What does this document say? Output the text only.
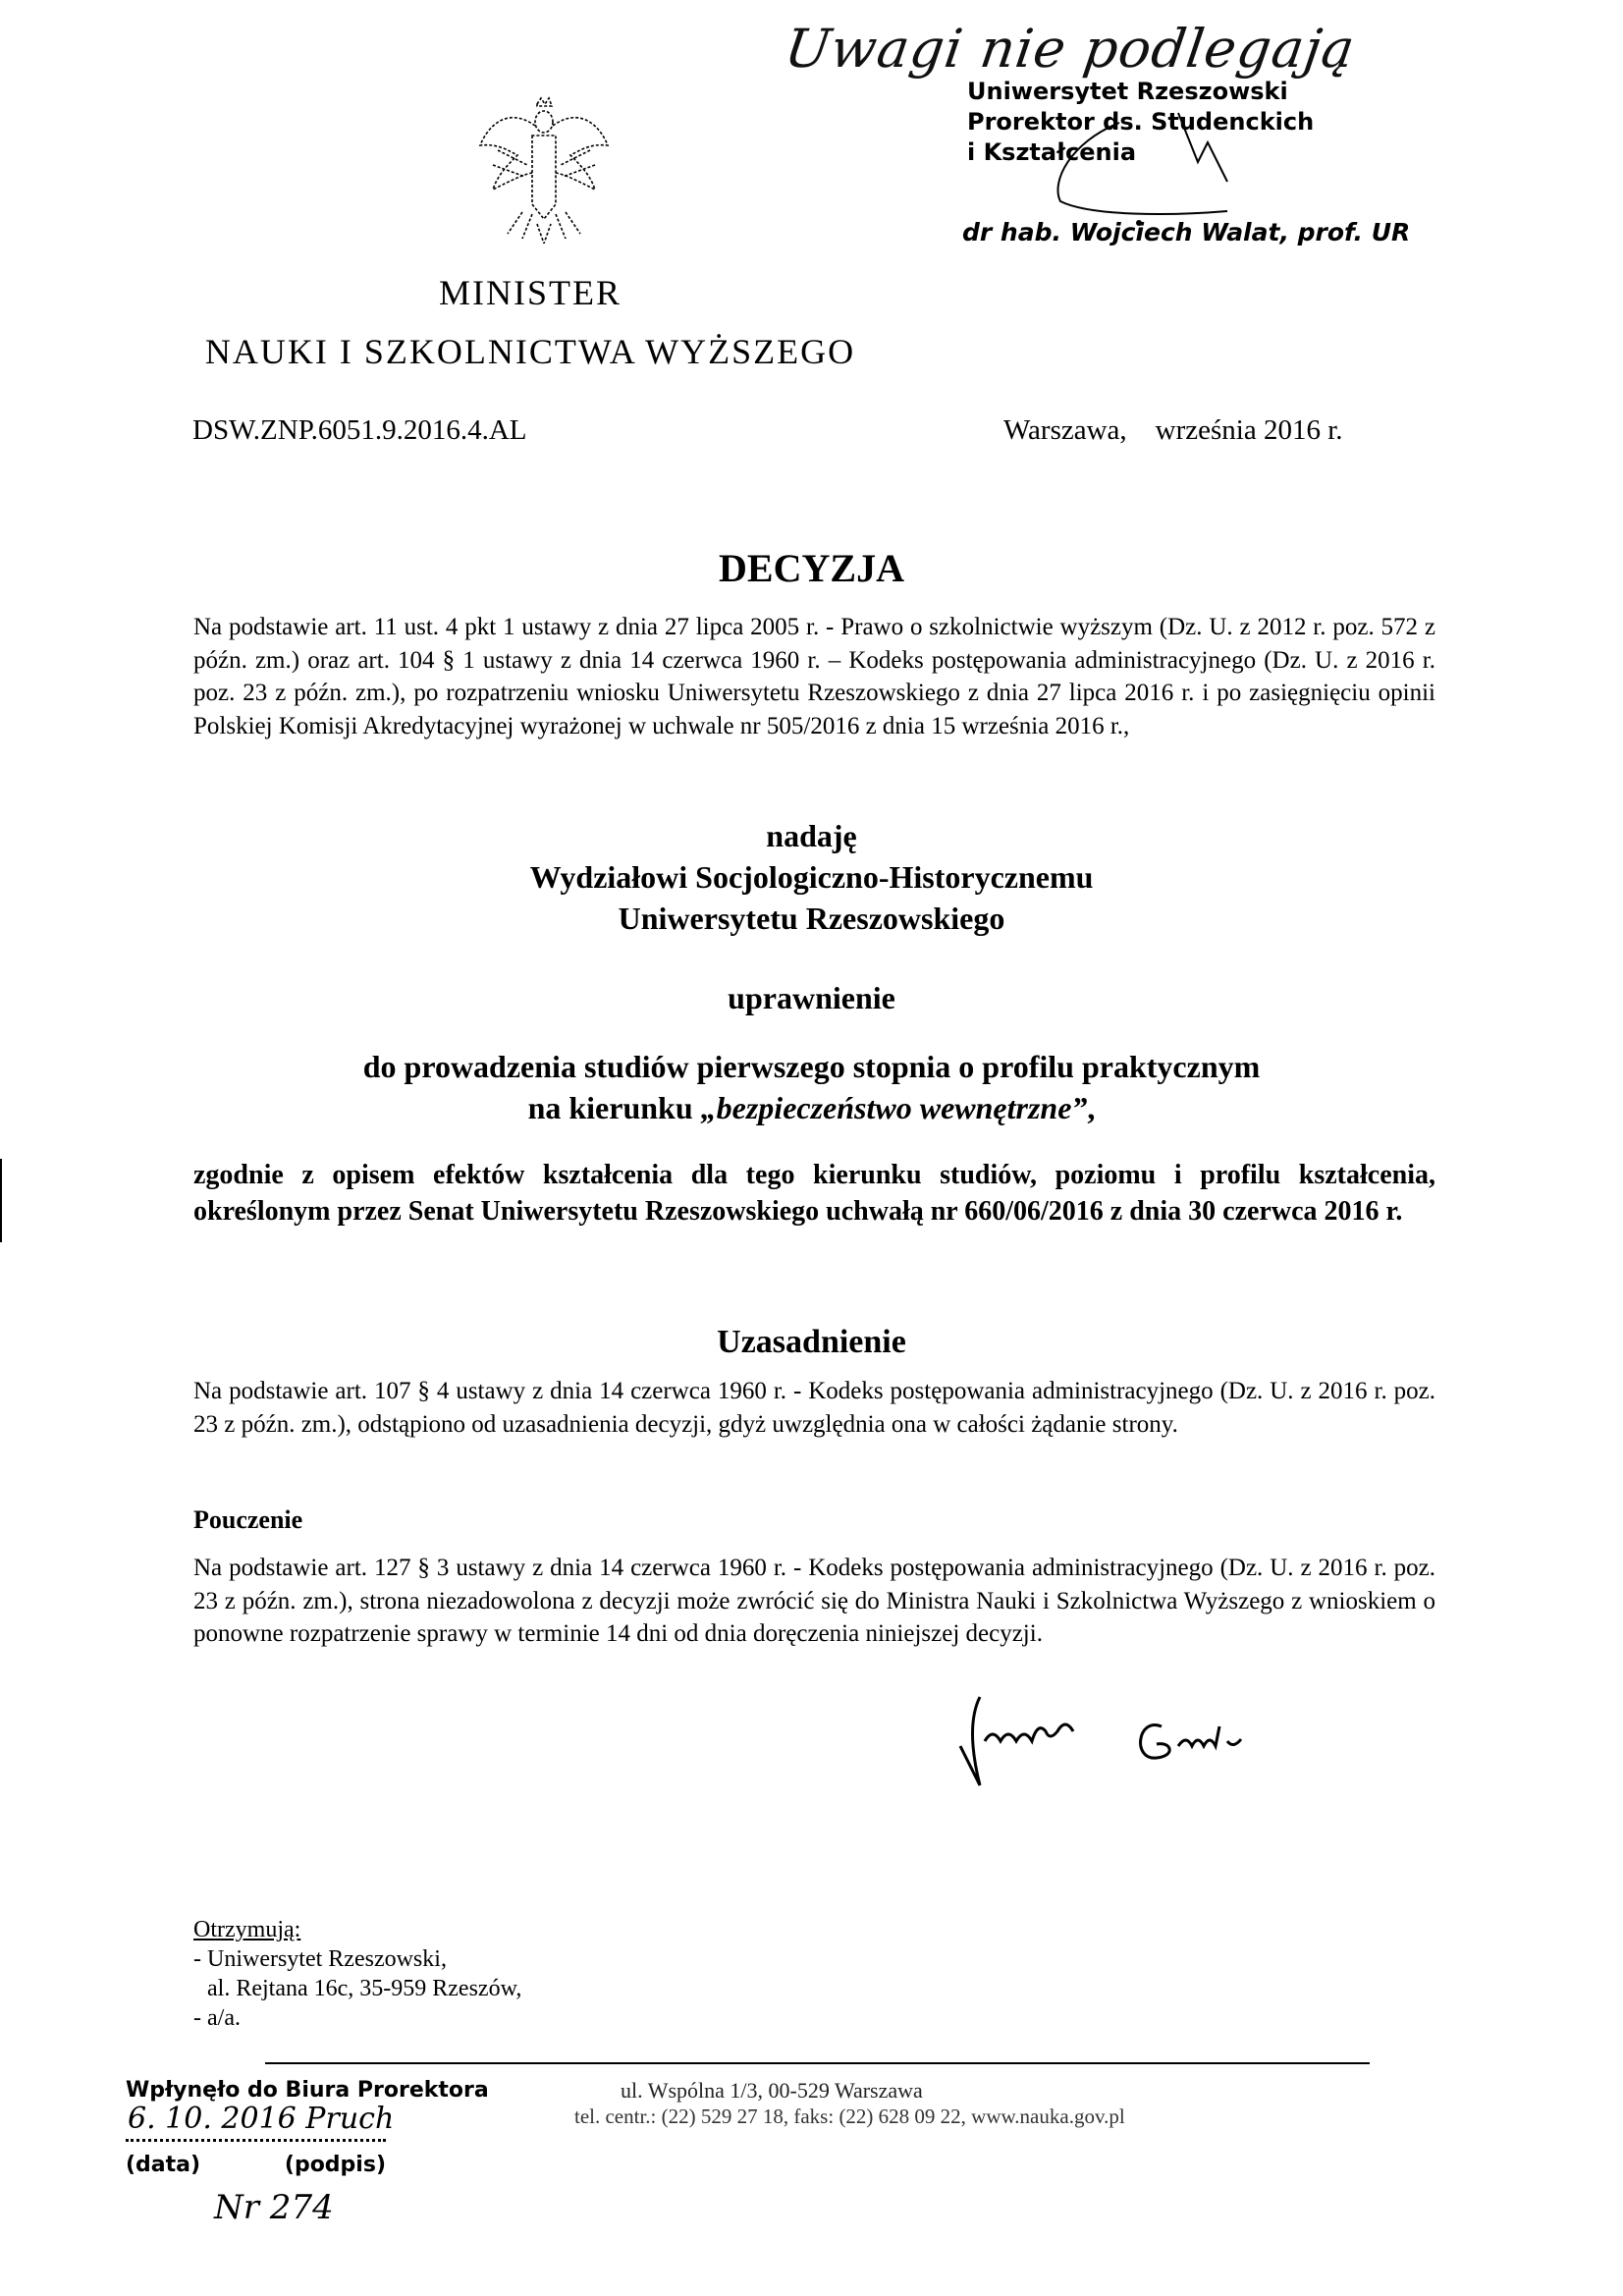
Uwagi nie podlegają
Uniwersytet Rzeszowski
Prorektor ds. Studenckich
i Kształcenia
dr hab. Wojciech Walat, prof. UR
MINISTER
NAUKI I SZKOLNICTWA WYŻSZEGO
DSW.ZNP.6051.9.2016.4.AL	Warszawa,    września 2016 r.
DECYZJA
Na podstawie art. 11 ust. 4 pkt 1 ustawy z dnia 27 lipca 2005 r. - Prawo o szkolnictwie wyższym (Dz. U. z 2012 r. poz. 572 z późn. zm.) oraz art. 104 § 1 ustawy z dnia 14 czerwca 1960 r. – Kodeks postępowania administracyjnego (Dz. U. z 2016 r. poz. 23 z późn. zm.), po rozpatrzeniu wniosku Uniwersytetu Rzeszowskiego z dnia 27 lipca 2016 r. i po zasięgnięciu opinii Polskiej Komisji Akredytacyjnej wyrażonej w uchwale nr 505/2016 z dnia 15 września 2016 r.,
nadaję
Wydziałowi Socjologiczno-Historycznemu
Uniwersytetu Rzeszowskiego
uprawnienie
do prowadzenia studiów pierwszego stopnia o profilu praktycznym
na kierunku „bezpieczeństwo wewnętrzne”,
zgodnie z opisem efektów kształcenia dla tego kierunku studiów, poziomu i profilu kształcenia, określonym przez Senat Uniwersytetu Rzeszowskiego uchwałą nr 660/06/2016 z dnia 30 czerwca 2016 r.
Uzasadnienie
Na podstawie art. 107 § 4 ustawy z dnia 14 czerwca 1960 r. - Kodeks postępowania administracyjnego (Dz. U. z 2016 r. poz. 23 z późn. zm.), odstąpiono od uzasadnienia decyzji, gdyż uwzględnia ona w całości żądanie strony.
Pouczenie
Na podstawie art. 127 § 3 ustawy z dnia 14 czerwca 1960 r. - Kodeks postępowania administracyjnego (Dz. U. z 2016 r. poz. 23 z późn. zm.), strona niezadowolona z decyzji może zwrócić się do Ministra Nauki i Szkolnictwa Wyższego z wnioskiem o ponowne rozpatrzenie sprawy w terminie 14 dni od dnia doręczenia niniejszej decyzji.
Otrzymują:
- Uniwersytet Rzeszowski,
al. Rejtana 16c, 35-959 Rzeszów,
- a/a.
ul. Wspólna 1/3, 00-529 Warszawa
tel. centr.: (22) 529 27 18, faks: (22) 628 09 22, www.nauka.gov.pl
Wpłynęło do Biura Prorektora
6. 10. 2016 Pruch
(data)	(podpis)
Nr 274
